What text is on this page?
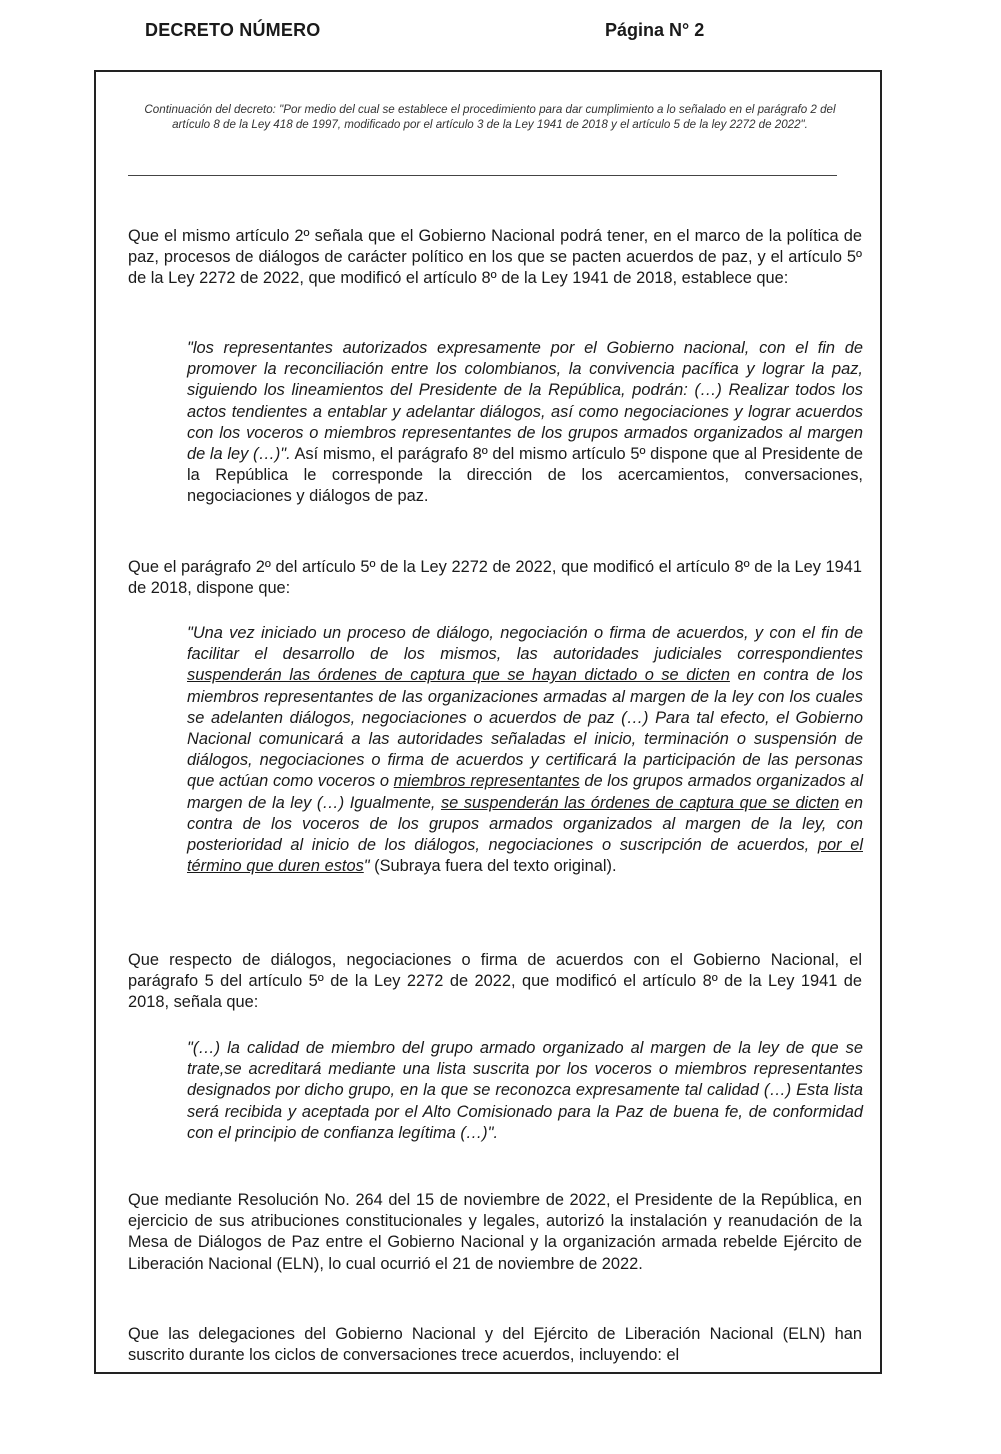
DECRETO NÚMERO	Página N° 2
Continuación del decreto: "Por medio del cual se establece el procedimiento para dar cumplimiento a lo señalado en el parágrafo 2 del artículo 8 de la Ley 418 de 1997, modificado por el artículo 3 de la Ley 1941 de 2018 y el artículo 5 de la ley 2272 de 2022".

Que el mismo artículo 2º señala que el Gobierno Nacional podrá tener, en el marco de la política de paz, procesos de diálogos de carácter político en los que se pacten acuerdos de paz, y el artículo 5º de la Ley 2272 de 2022, que modificó el artículo 8º de la Ley 1941 de 2018, establece que:

"los representantes autorizados expresamente por el Gobierno nacional, con el fin de promover la reconciliación entre los colombianos, la convivencia pacífica y lograr la paz, siguiendo los lineamientos del Presidente de la República, podrán: (…) Realizar todos los actos tendientes a entablar y adelantar diálogos, así como negociaciones y lograr acuerdos con los voceros o miembros representantes de los grupos armados organizados al margen de la ley (…)". Así mismo, el parágrafo 8º del mismo artículo 5º dispone que al Presidente de la República le corresponde la dirección de los acercamientos, conversaciones, negociaciones y diálogos de paz.

Que el parágrafo 2º del artículo 5º de la Ley 2272 de 2022, que modificó el artículo 8º de la Ley 1941 de 2018, dispone que:

"Una vez iniciado un proceso de diálogo, negociación o firma de acuerdos, y con el fin de facilitar el desarrollo de los mismos, las autoridades judiciales correspondientes suspenderán las órdenes de captura que se hayan dictado o se dicten en contra de los miembros representantes de las organizaciones armadas al margen de la ley con los cuales se adelanten diálogos, negociaciones o acuerdos de paz (…) Para tal efecto, el Gobierno Nacional comunicará a las autoridades señaladas el inicio, terminación o suspensión de diálogos, negociaciones o firma de acuerdos y certificará la participación de las personas que actúan como voceros o miembros representantes de los grupos armados organizados al margen de la ley (…) Igualmente, se suspenderán las órdenes de captura que se dicten en contra de los voceros de los grupos armados organizados al margen de la ley, con posterioridad al inicio de los diálogos, negociaciones o suscripción de acuerdos, por el término que duren estos" (Subraya fuera del texto original).

Que respecto de diálogos, negociaciones o firma de acuerdos con el Gobierno Nacional, el parágrafo 5 del artículo 5º de la Ley 2272 de 2022, que modificó el artículo 8º de la Ley 1941 de 2018, señala que:

"(…) la calidad de miembro del grupo armado organizado al margen de la ley de que se trate,se acreditará mediante una lista suscrita por los voceros o miembros representantes designados por dicho grupo, en la que se reconozca expresamente tal calidad (…) Esta lista será recibida y aceptada por el Alto Comisionado para la Paz de buena fe, de conformidad con el principio de confianza legítima (…)".

Que mediante Resolución No. 264 del 15 de noviembre de 2022, el Presidente de la República, en ejercicio de sus atribuciones constitucionales y legales, autorizó la instalación y reanudación de la Mesa de Diálogos de Paz entre el Gobierno Nacional y la organización armada rebelde Ejército de Liberación Nacional (ELN), lo cual ocurrió el 21 de noviembre de 2022.

Que las delegaciones del Gobierno Nacional y del Ejército de Liberación Nacional (ELN) han suscrito durante los ciclos de conversaciones trece acuerdos, incluyendo: el
